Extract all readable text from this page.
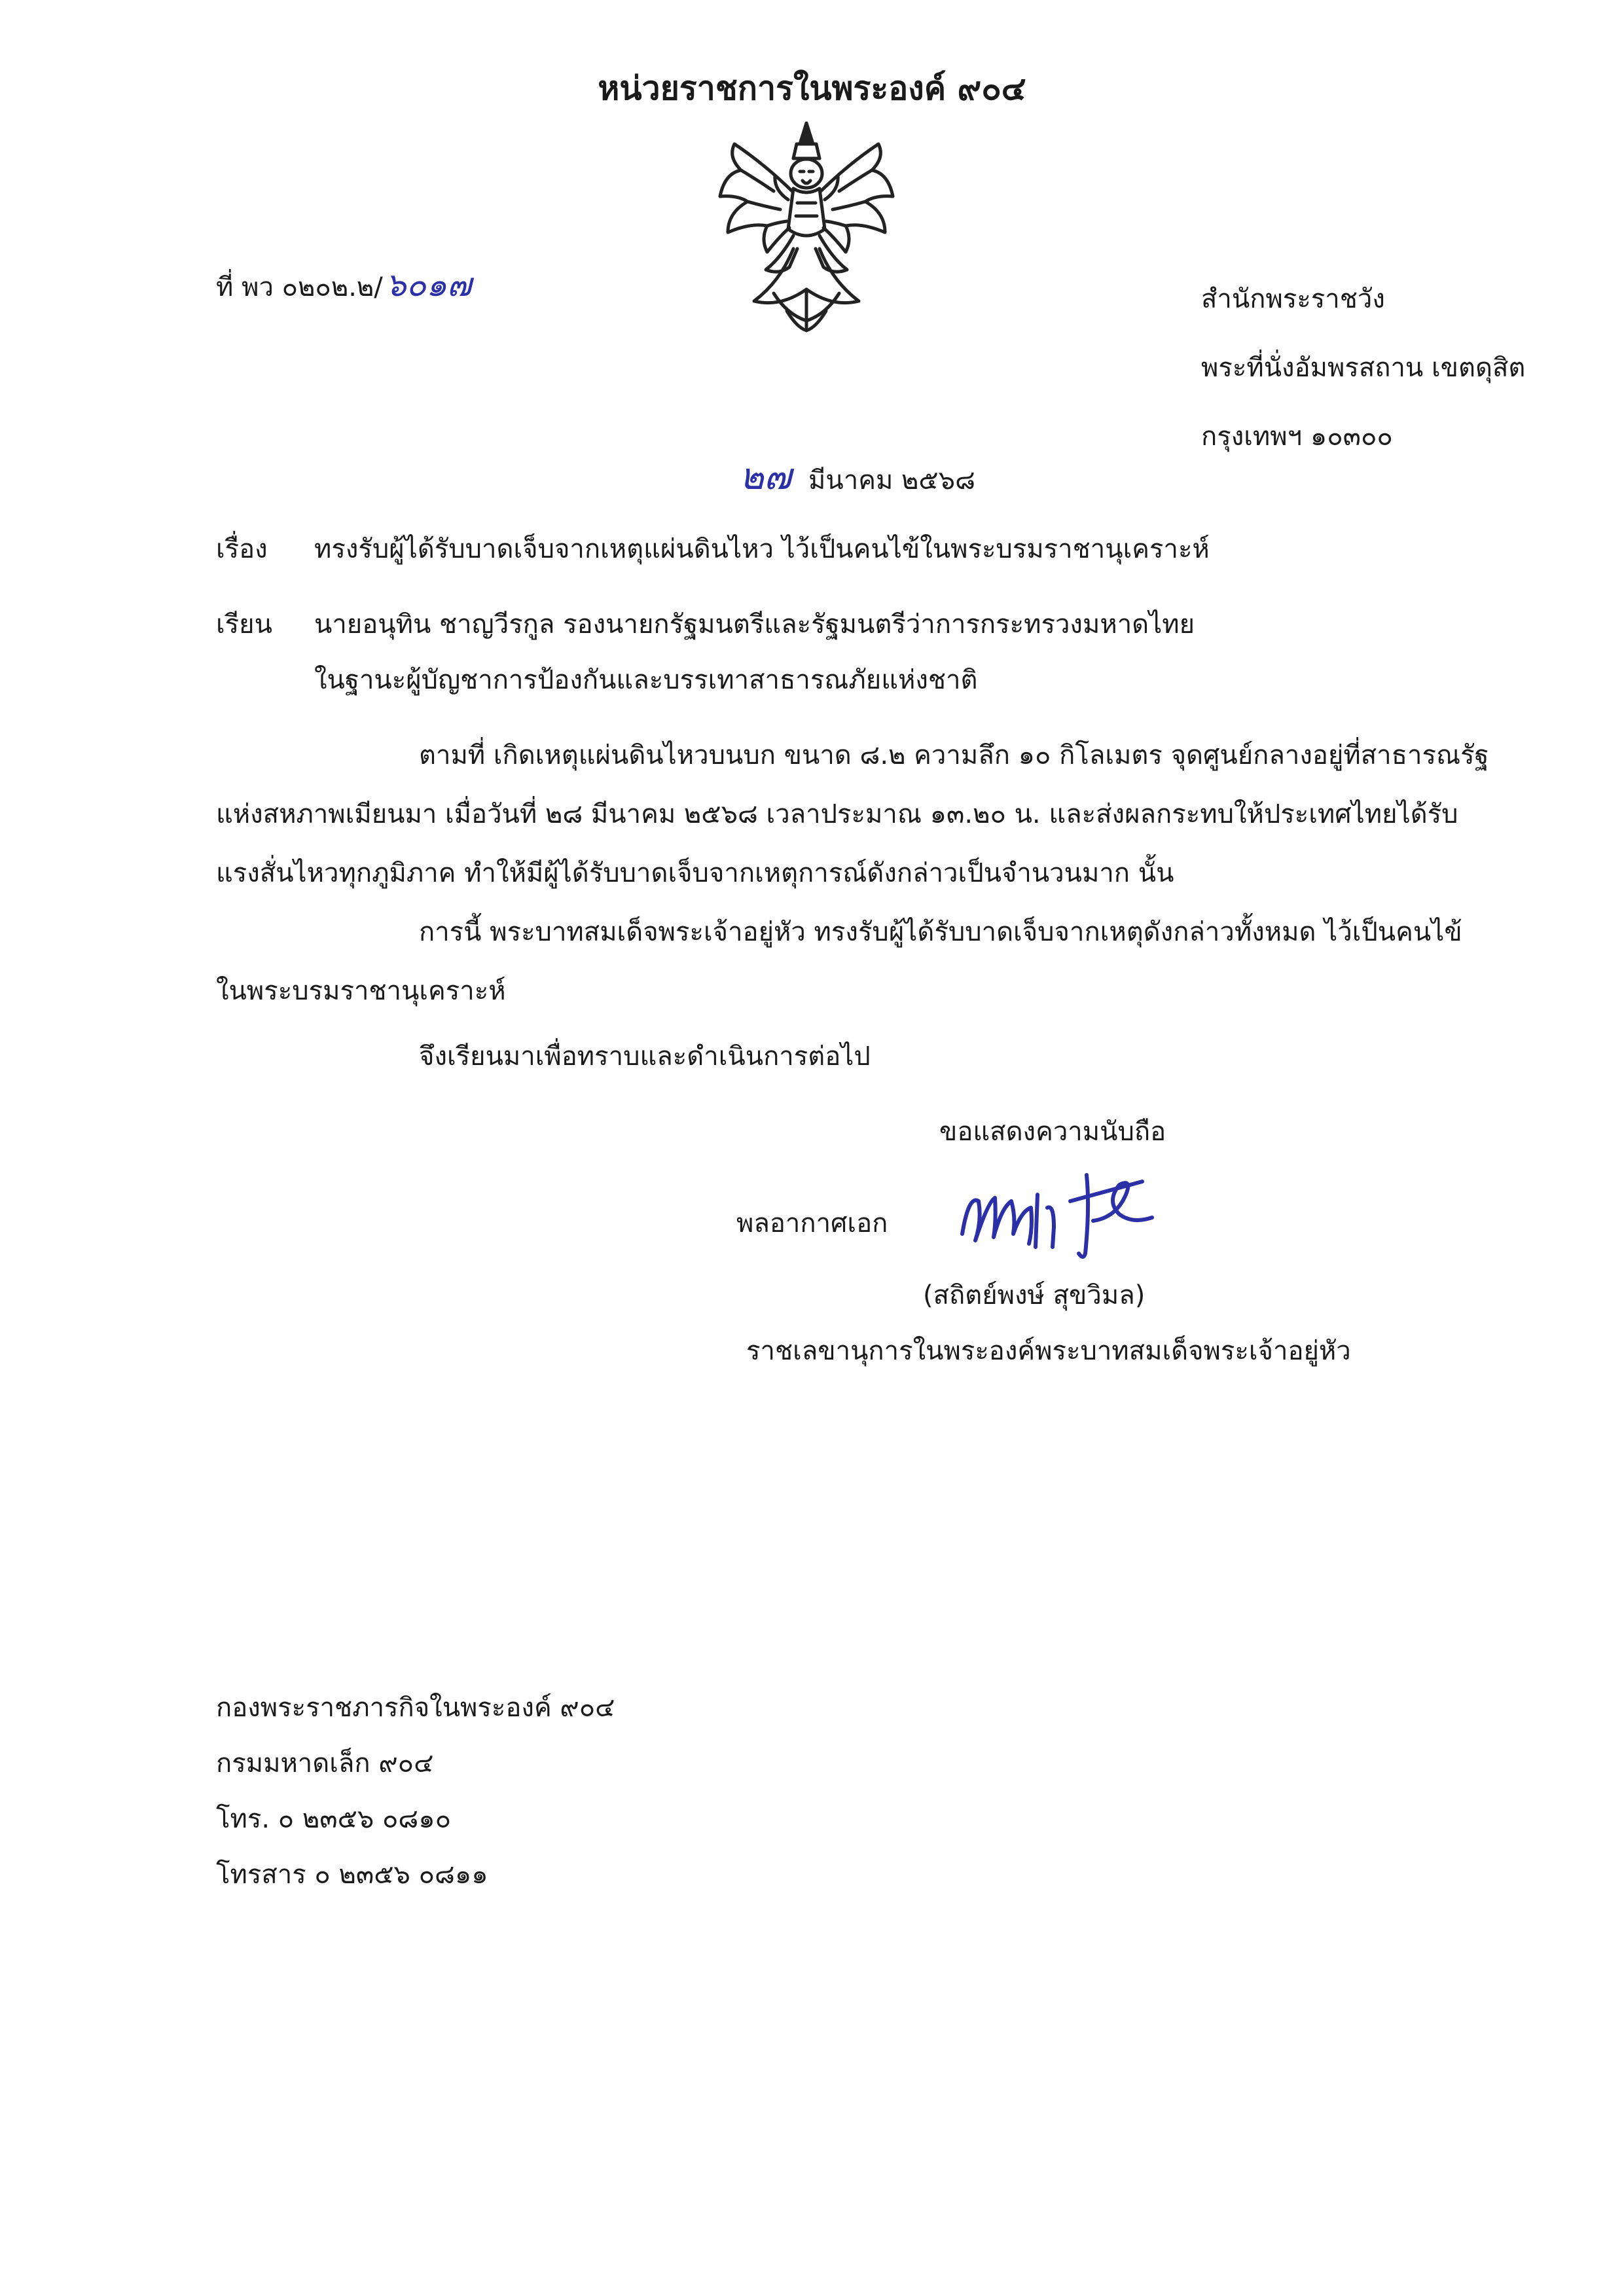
หน่วยราชการในพระองค์ ๙๐๔
ที่ พว ๐๒๐๒.๒/๖๐๑๗	สำนักพระราชวัง
พระที่นั่งอัมพรสถาน เขตดุสิต
กรุงเทพฯ ๑๐๓๐๐
๒๗ มีนาคม ๒๕๖๘
เรื่อง ทรงรับผู้ได้รับบาดเจ็บจากเหตุแผ่นดินไหว ไว้เป็นคนไข้ในพระบรมราชานุเคราะห์
เรียน นายอนุทิน ชาญวีรกูล รองนายกรัฐมนตรีและรัฐมนตรีว่าการกระทรวงมหาดไทย
ในฐานะผู้บัญชาการป้องกันและบรรเทาสาธารณภัยแห่งชาติ
ตามที่ เกิดเหตุแผ่นดินไหวบนบก ขนาด ๘.๒ ความลึก ๑๐ กิโลเมตร จุดศูนย์กลางอยู่ที่สาธารณรัฐ
แห่งสหภาพเมียนมา เมื่อวันที่ ๒๘ มีนาคม ๒๕๖๘ เวลาประมาณ ๑๓.๒๐ น. และส่งผลกระทบให้ประเทศไทยได้รับ
แรงสั่นไหวทุกภูมิภาค ทำให้มีผู้ได้รับบาดเจ็บจากเหตุการณ์ดังกล่าวเป็นจำนวนมาก นั้น
การนี้ พระบาทสมเด็จพระเจ้าอยู่หัว ทรงรับผู้ได้รับบาดเจ็บจากเหตุดังกล่าวทั้งหมด ไว้เป็นคนไข้
ในพระบรมราชานุเคราะห์
จึงเรียนมาเพื่อทราบและดำเนินการต่อไป
ขอแสดงความนับถือ
พลอากาศเอก
(สถิตย์พงษ์ สุขวิมล)
ราชเลขานุการในพระองค์พระบาทสมเด็จพระเจ้าอยู่หัว
กองพระราชภารกิจในพระองค์ ๙๐๔
กรมมหาดเล็ก ๙๐๔
โทร. ๐ ๒๓๕๖ ๐๘๑๐
โทรสาร ๐ ๒๓๕๖ ๐๘๑๑
